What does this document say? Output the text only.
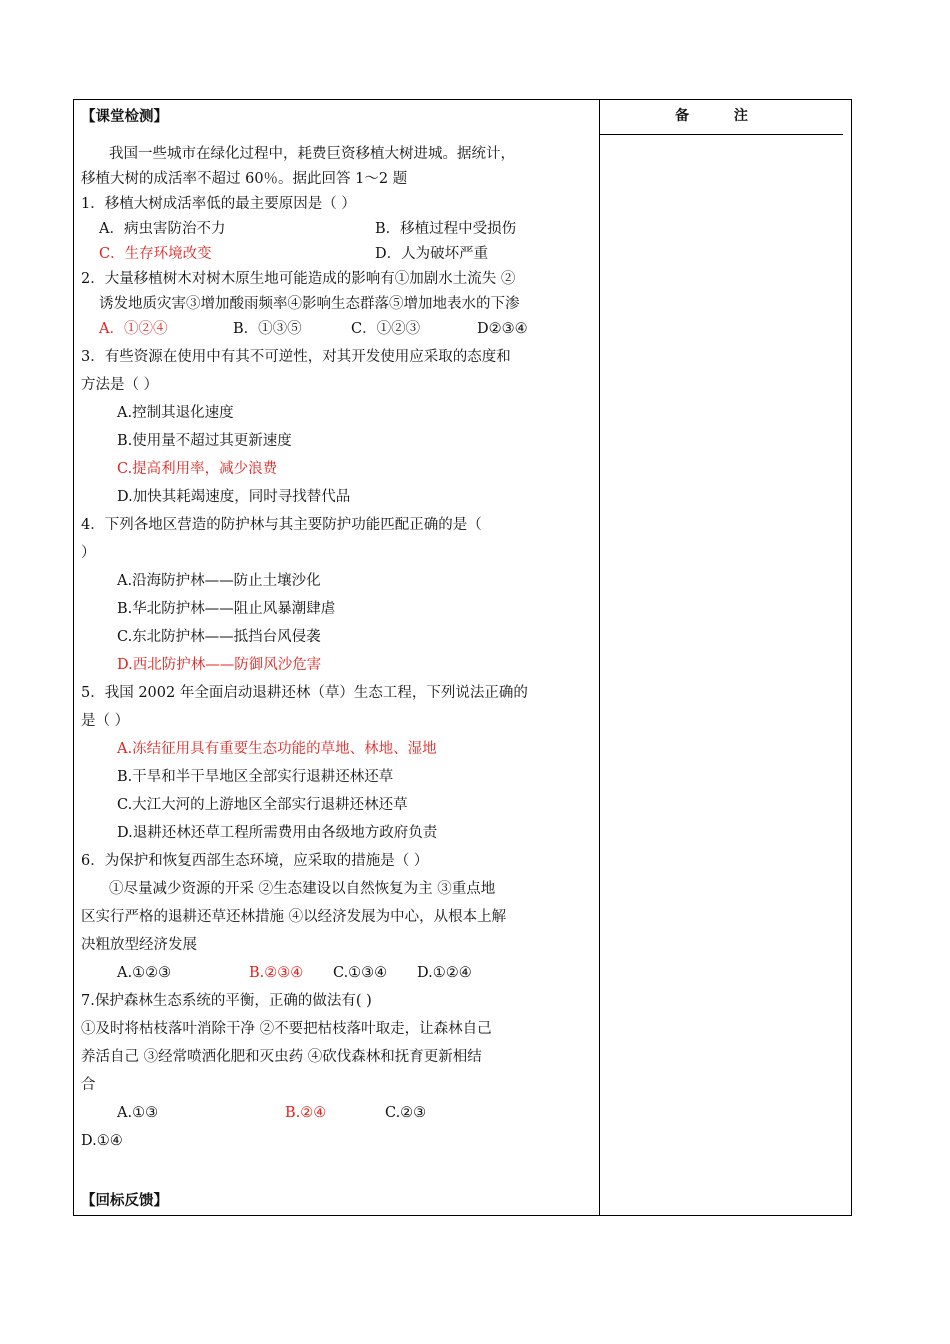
备 注
【课堂检测】
我国一些城市在绿化过程中，耗费巨资移植大树进城。据统计，
移植大树的成活率不超过 60％。据此回答 1～2 题
1．移植大树成活率低的最主要原因是（ ）
A．病虫害防治不力	B．移植过程中受损伤
C．生存环境改变	D．人为破坏严重
2．大量移植树木对树木原生地可能造成的影响有①加剧水土流失 ②
诱发地质灾害③增加酸雨频率④影响生态群落⑤增加地表水的下渗
A．①②④	B．①③⑤	C．①②③	D②③④
3．有些资源在使用中有其不可逆性，对其开发使用应采取的态度和
方法是（ ）
A.控制其退化速度
B.使用量不超过其更新速度
C.提高利用率，减少浪费
D.加快其耗竭速度，同时寻找替代品
4．下列各地区营造的防护林与其主要防护功能匹配正确的是（
）
A.沿海防护林——防止土壤沙化
B.华北防护林——阻止风暴潮肆虐
C.东北防护林——抵挡台风侵袭
D.西北防护林——防御风沙危害
5．我国 2002 年全面启动退耕还林（草）生态工程，下列说法正确的
是（ ）
A.冻结征用具有重要生态功能的草地、林地、湿地
B.干旱和半干旱地区全部实行退耕还林还草
C.大江大河的上游地区全部实行退耕还林还草
D.退耕还林还草工程所需费用由各级地方政府负责
6．为保护和恢复西部生态环境，应采取的措施是（ ）
①尽量减少资源的开采 ②生态建设以自然恢复为主 ③重点地
区实行严格的退耕还草还林措施 ④以经济发展为中心，从根本上解
决粗放型经济发展
A.①②③	B.②③④ C.①③④ D.①②④
7.保护森林生态系统的平衡，正确的做法有( )
①及时将枯枝落叶消除干净 ②不要把枯枝落叶取走，让森林自己
养活自己 ③经常喷洒化肥和灭虫药 ④砍伐森林和抚育更新相结
合
A.①③	B.②④	C.②③
D.①④
【回标反馈】
